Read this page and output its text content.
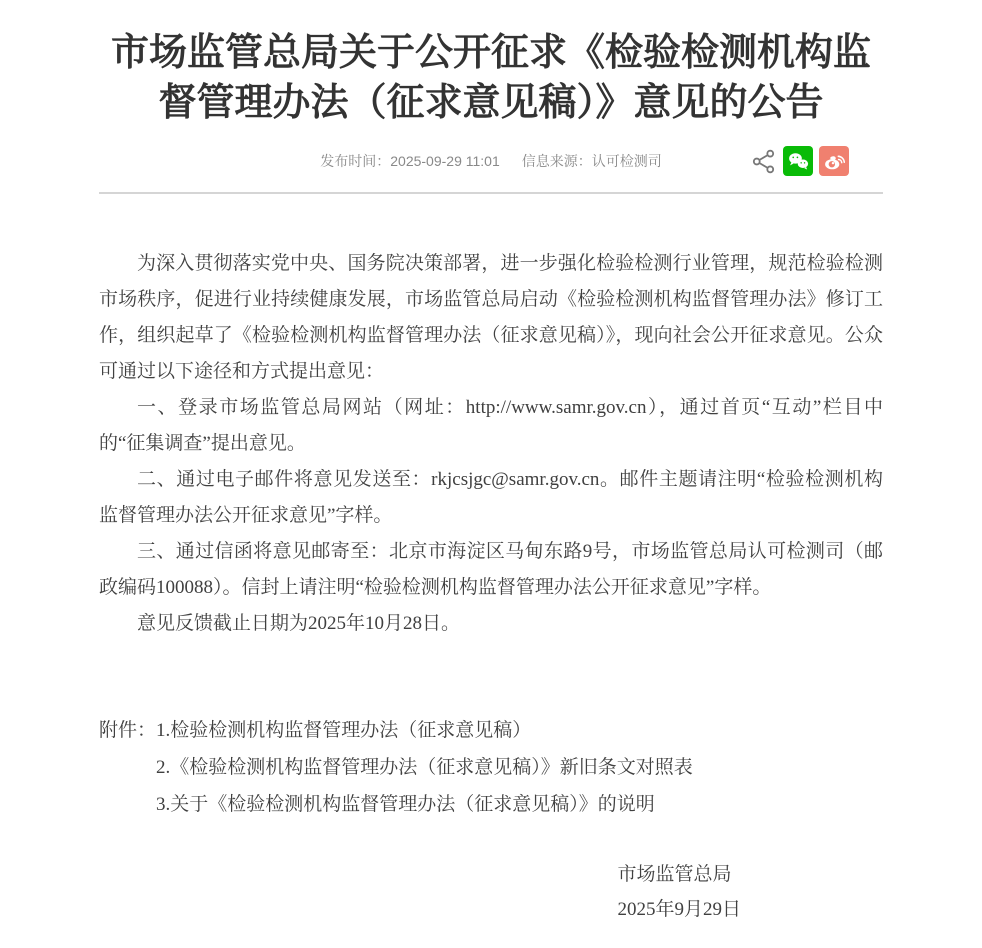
市场监管总局关于公开征求《检验检测机构监督管理办法（征求意见稿）》意见的公告
发布时间：2025-09-29 11:01 信息来源：认可检测司

为深入贯彻落实党中央、国务院决策部署，进一步强化检验检测行业管理，规范检验检测市场秩序，促进行业持续健康发展，市场监管总局启动《检验检测机构监督管理办法》修订工作，组织起草了《检验检测机构监督管理办法（征求意见稿）》，现向社会公开征求意见。公众可通过以下途径和方式提出意见：

一、登录市场监管总局网站（网址：http://www.samr.gov.cn），通过首页“互动”栏目中的“征集调查”提出意见。

二、通过电子邮件将意见发送至：rkjcsjgc@samr.gov.cn。邮件主题请注明“检验检测机构监督管理办法公开征求意见”字样。

三、通过信函将意见邮寄至：北京市海淀区马甸东路9号，市场监管总局认可检测司（邮政编码100088）。信封上请注明“检验检测机构监督管理办法公开征求意见”字样。

意见反馈截止日期为2025年10月28日。

附件： 1.检验检测机构监督管理办法（征求意见稿）
2.《检验检测机构监督管理办法（征求意见稿）》新旧条文对照表
3.关于《检验检测机构监督管理办法（征求意见稿）》的说明
市场监管总局
2025年9月29日
